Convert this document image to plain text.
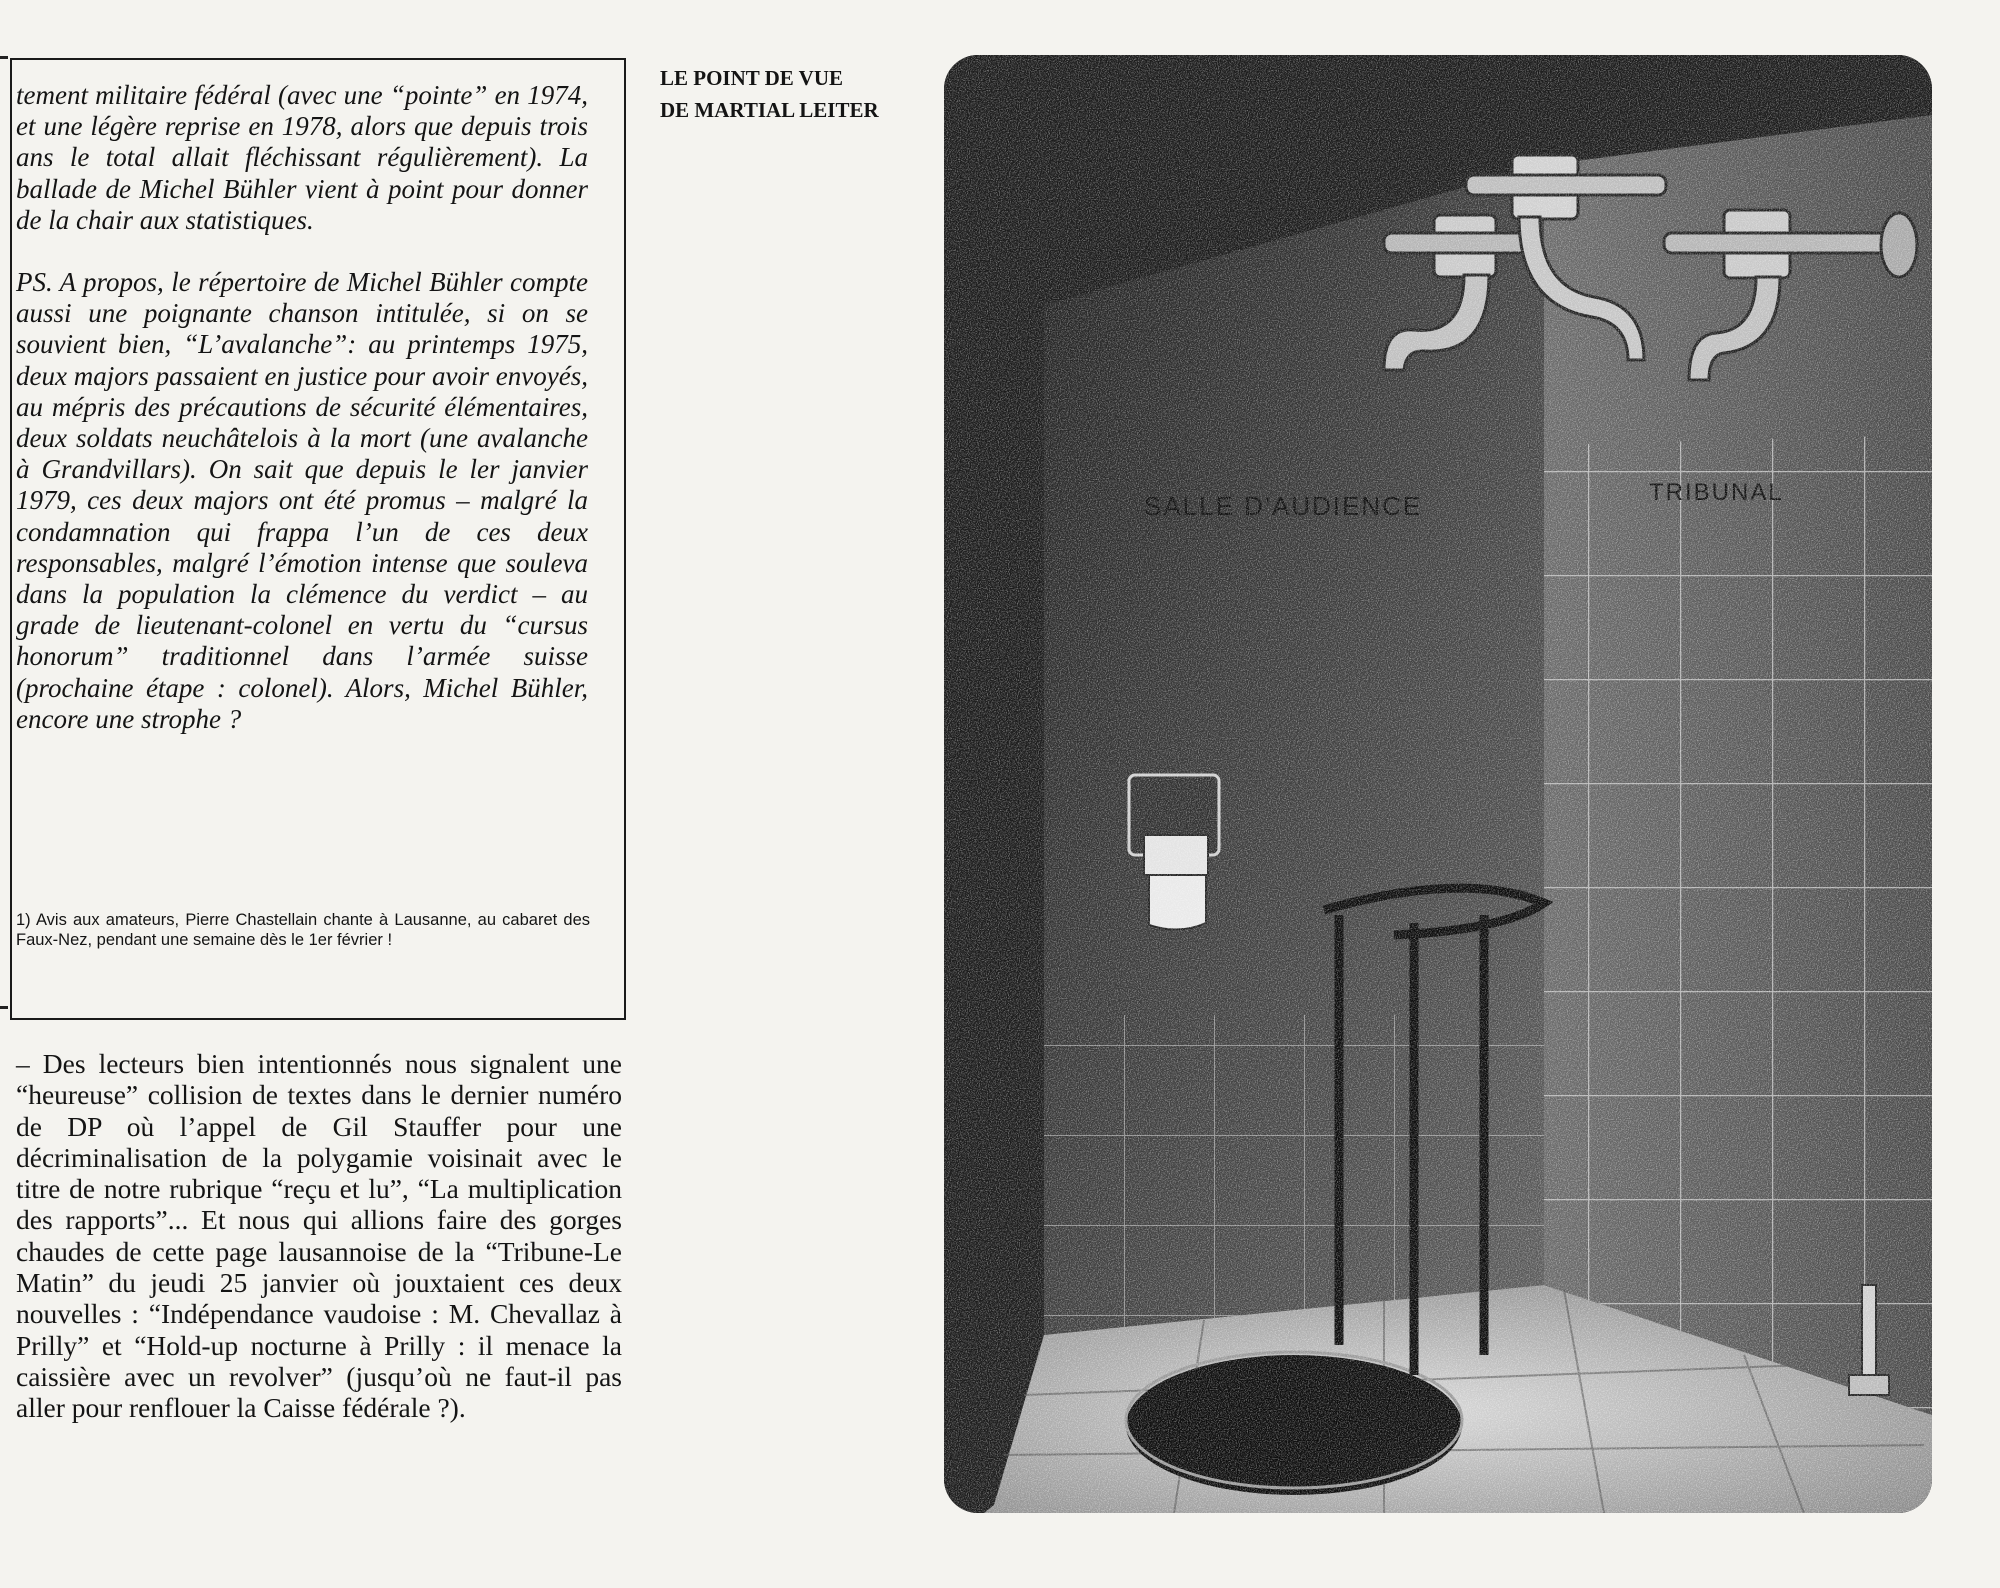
tement militaire fédéral (avec une “pointe” en 1974, et une légère reprise en 1978, alors que depuis trois ans le total allait fléchissant régulièrement). La ballade de Michel Bühler vient à point pour donner de la chair aux statistiques.

PS. A propos, le répertoire de Michel Bühler compte aussi une poignante chanson intitulée, si on se souvient bien, “L’avalanche”: au printemps 1975, deux majors passaient en justice pour avoir envoyés, au mépris des précautions de sécurité élémentaires, deux soldats neuchâtelois à la mort (une avalanche à Grandvillars). On sait que depuis le ler janvier 1979, ces deux majors ont été promus – malgré la condamnation qui frappa l’un de ces deux responsables, malgré l’émotion intense que souleva dans la population la clémence du verdict – au grade de lieutenant-colonel en vertu du “cursus honorum” traditionnel dans l’armée suisse (prochaine étape : colonel). Alors, Michel Bühler, encore une strophe ?

1) Avis aux amateurs, Pierre Chastellain chante à Lausanne, au cabaret des Faux-Nez, pendant une semaine dès le 1er février !

– Des lecteurs bien intentionnés nous signalent une “heureuse” collision de textes dans le dernier numéro de DP où l’appel de Gil Stauffer pour une décriminalisation de la polygamie voisinait avec le titre de notre rubrique “reçu et lu”, “La multiplication des rapports”... Et nous qui allions faire des gorges chaudes de cette page lausannoise de la “Tribune-Le Matin” du jeudi 25 janvier où jouxtaient ces deux nouvelles : “Indépendance vaudoise : M. Chevallaz à Prilly” et “Hold-up nocturne à Prilly : il menace la caissière avec un revolver” (jusqu’où ne faut-il pas aller pour renflouer la Caisse fédérale ?).

LE POINT DE VUE
DE MARTIAL LEITER
